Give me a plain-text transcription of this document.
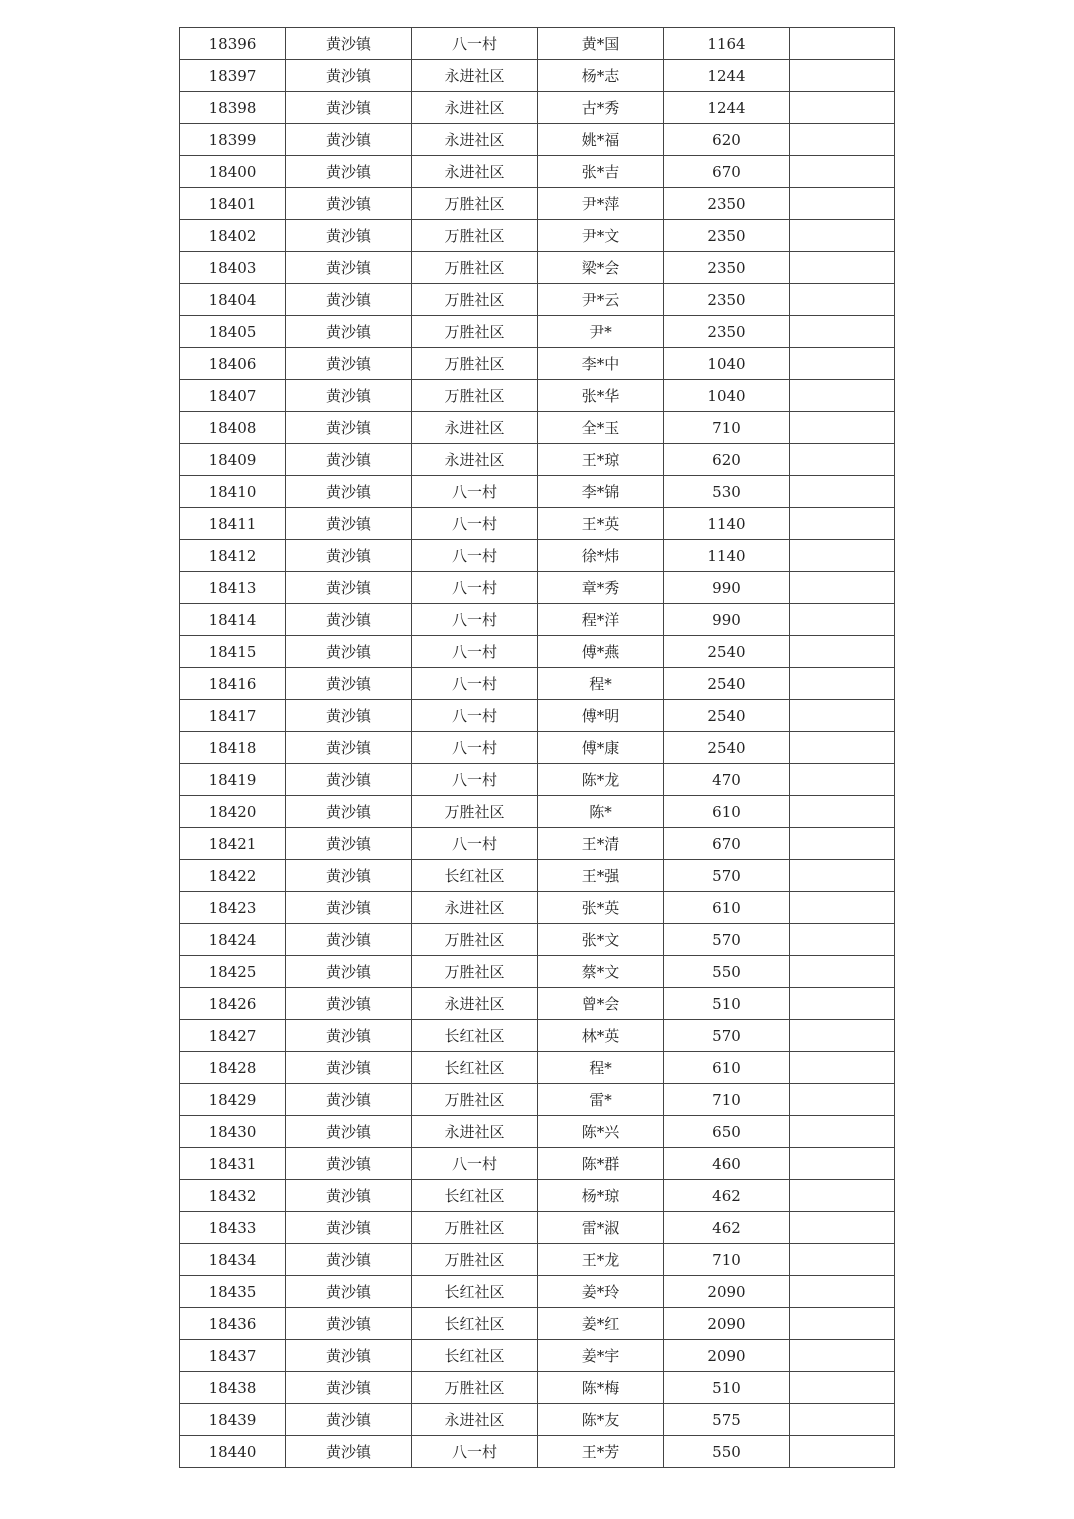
18396	黄沙镇	八一村	黄*国	1164	
18397	黄沙镇	永进社区	杨*志	1244	
18398	黄沙镇	永进社区	古*秀	1244	
18399	黄沙镇	永进社区	姚*福	620	
18400	黄沙镇	永进社区	张*吉	670	
18401	黄沙镇	万胜社区	尹*萍	2350	
18402	黄沙镇	万胜社区	尹*文	2350	
18403	黄沙镇	万胜社区	梁*会	2350	
18404	黄沙镇	万胜社区	尹*云	2350	
18405	黄沙镇	万胜社区	尹*	2350	
18406	黄沙镇	万胜社区	李*中	1040	
18407	黄沙镇	万胜社区	张*华	1040	
18408	黄沙镇	永进社区	全*玉	710	
18409	黄沙镇	永进社区	王*琼	620	
18410	黄沙镇	八一村	李*锦	530	
18411	黄沙镇	八一村	王*英	1140	
18412	黄沙镇	八一村	徐*炜	1140	
18413	黄沙镇	八一村	章*秀	990	
18414	黄沙镇	八一村	程*洋	990	
18415	黄沙镇	八一村	傅*燕	2540	
18416	黄沙镇	八一村	程*	2540	
18417	黄沙镇	八一村	傅*明	2540	
18418	黄沙镇	八一村	傅*康	2540	
18419	黄沙镇	八一村	陈*龙	470	
18420	黄沙镇	万胜社区	陈*	610	
18421	黄沙镇	八一村	王*清	670	
18422	黄沙镇	长红社区	王*强	570	
18423	黄沙镇	永进社区	张*英	610	
18424	黄沙镇	万胜社区	张*文	570	
18425	黄沙镇	万胜社区	蔡*文	550	
18426	黄沙镇	永进社区	曾*会	510	
18427	黄沙镇	长红社区	林*英	570	
18428	黄沙镇	长红社区	程*	610	
18429	黄沙镇	万胜社区	雷*	710	
18430	黄沙镇	永进社区	陈*兴	650	
18431	黄沙镇	八一村	陈*群	460	
18432	黄沙镇	长红社区	杨*琼	462	
18433	黄沙镇	万胜社区	雷*淑	462	
18434	黄沙镇	万胜社区	王*龙	710	
18435	黄沙镇	长红社区	姜*玲	2090	
18436	黄沙镇	长红社区	姜*红	2090	
18437	黄沙镇	长红社区	姜*宇	2090	
18438	黄沙镇	万胜社区	陈*梅	510	
18439	黄沙镇	永进社区	陈*友	575	
18440	黄沙镇	八一村	王*芳	550	
